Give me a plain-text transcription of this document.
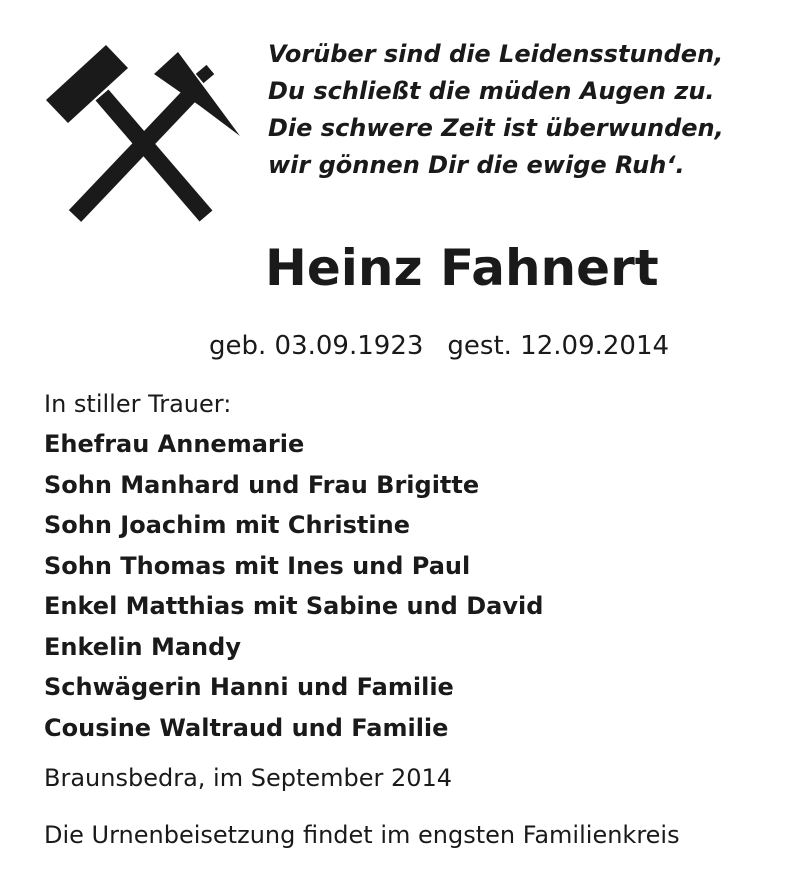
Vorüber sind die Leidensstunden,
Du schließt die müden Augen zu.
Die schwere Zeit ist überwunden,
wir gönnen Dir die ewige Ruh‘.
Heinz Fahnert
geb. 03.09.1923 gest. 12.09.2014
In stiller Trauer:
Ehefrau Annemarie
Sohn Manhard und Frau Brigitte
Sohn Joachim mit Christine
Sohn Thomas mit Ines und Paul
Enkel Matthias mit Sabine und David
Enkelin Mandy
Schwägerin Hanni und Familie
Cousine Waltraud und Familie
Braunsbedra, im September 2014
Die Urnenbeisetzung findet im engsten Familienkreis
